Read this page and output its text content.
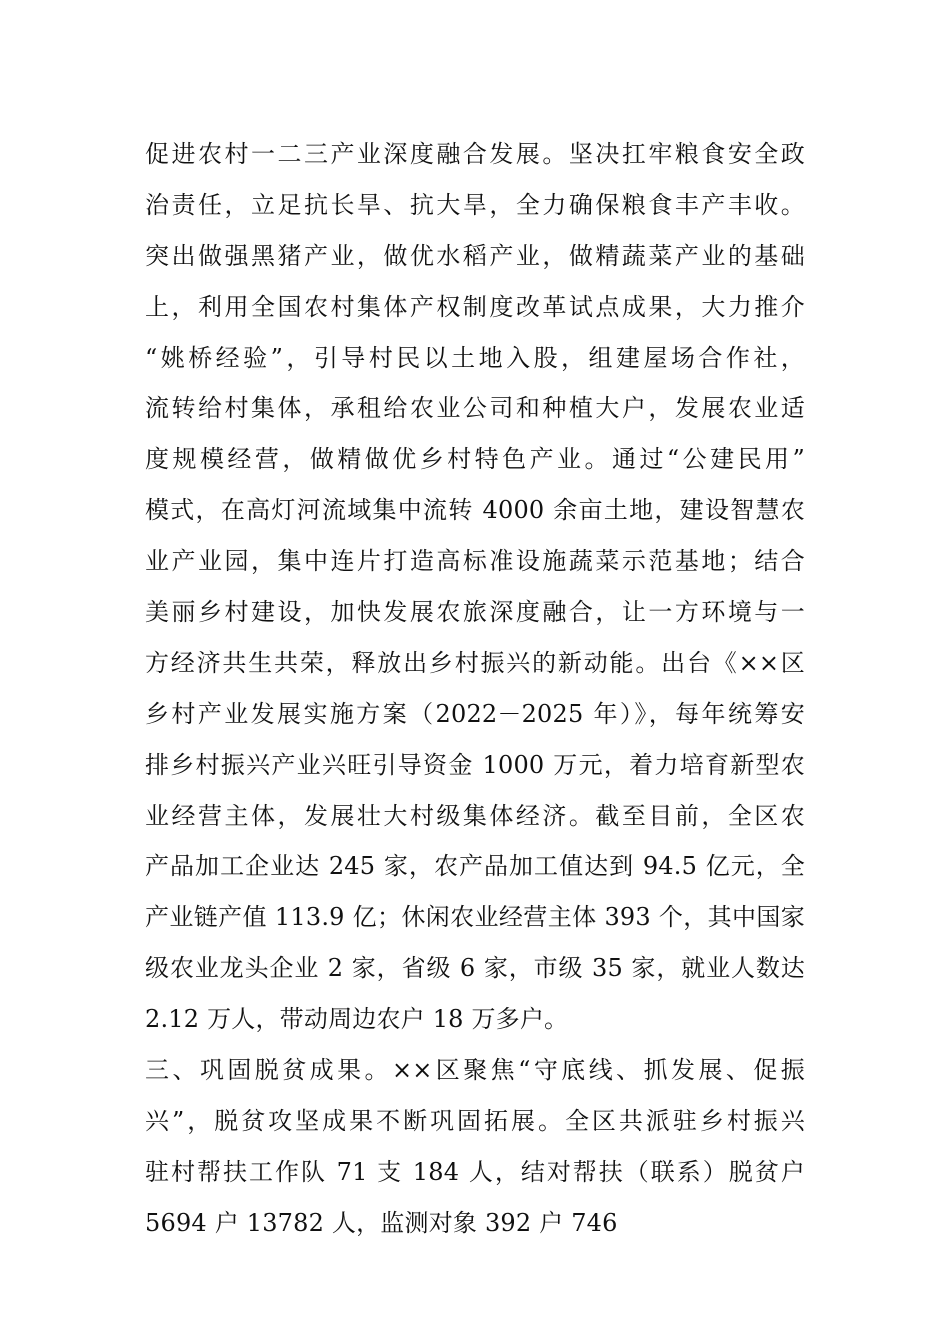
促进农村一二三产业深度融合发展。坚决扛牢粮食安全政
治责任，立足抗长旱、抗大旱，全力确保粮食丰产丰收。
突出做强黑猪产业，做优水稻产业，做精蔬菜产业的基础
上，利用全国农村集体产权制度改革试点成果，大力推介
“姚桥经验”，引导村民以土地入股，组建屋场合作社，
流转给村集体，承租给农业公司和种植大户，发展农业适
度规模经营，做精做优乡村特色产业。通过“公建民用”
模式，在高灯河流域集中流转 4000 余亩土地，建设智慧农
业产业园，集中连片打造高标准设施蔬菜示范基地；结合
美丽乡村建设，加快发展农旅深度融合，让一方环境与一
方经济共生共荣，释放出乡村振兴的新动能。出台《××区
乡村产业发展实施方案（2022－2025 年）》，每年统筹安
排乡村振兴产业兴旺引导资金 1000 万元，着力培育新型农
业经营主体，发展壮大村级集体经济。截至目前，全区农
产品加工企业达 245 家，农产品加工值达到 94.5 亿元，全
产业链产值 113.9 亿；休闲农业经营主体 393 个，其中国家
级农业龙头企业 2 家，省级 6 家，市级 35 家，就业人数达
2.12 万人，带动周边农户 18 万多户。
三、巩固脱贫成果。××区聚焦“守底线、抓发展、促振
兴”，脱贫攻坚成果不断巩固拓展。全区共派驻乡村振兴
驻村帮扶工作队 71 支 184 人，结对帮扶（联系）脱贫户
5694 户 13782 人，监测对象 392 户 746
